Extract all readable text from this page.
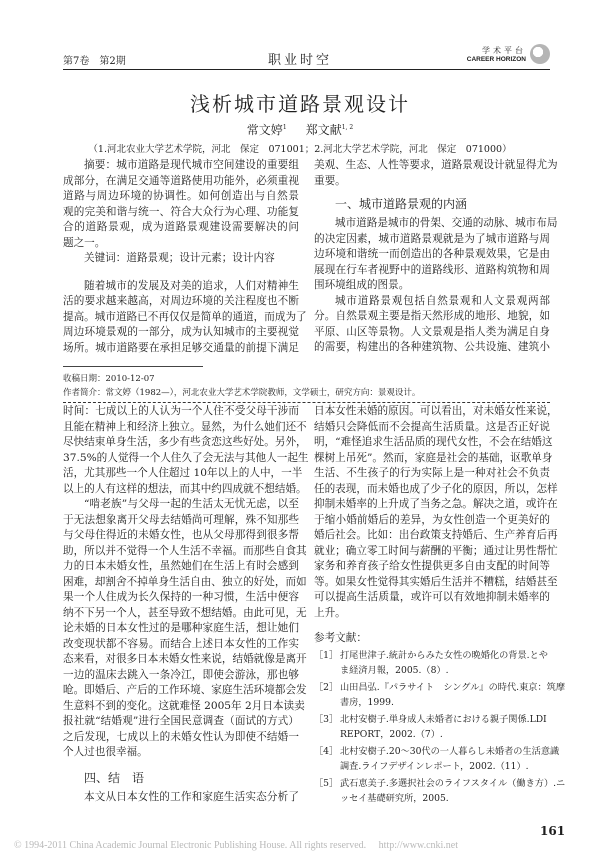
第7卷　第2期	职业时空
学术平台
CAREER HORIZON
浅析城市道路景观设计
常文婷$^1$ 郑文献$^{1, 2}$
（1.河北农业大学艺术学院，河北　保定　071001；2.河北大学艺术学院，河北　保定　071000）
摘要：城市道路是现代城市空间建设的重要组
成部分，在满足交通等道路使用功能外，必须重视
道路与周边环境的协调性。如何创造出与自然景
观的完美和谐与统一、符合大众行为心理、功能复
合的道路景观，成为道路景观建设需要解决的问
题之一。
关键词：道路景观；设计元素；设计内容
随着城市的发展及对美的追求，人们对精神生
活的要求越来越高，对周边环境的关注程度也不断
提高。城市道路已不再仅仅是简单的通道，而成为了
周边环境景观的一部分，成为认知城市的主要视觉
场所。城市道路要在承担足够交通量的前提下满足
美观、生态、人性等要求，道路景观设计就显得尤为
重要。
一、城市道路景观的内涵
城市道路是城市的骨架、交通的动脉、城市布局
的决定因素，城市道路景观就是为了城市道路与周
边环境和谐统一而创造出的各种景观效果，它是由
展现在行车者视野中的道路线形、道路构筑物和周
围环境组成的图景。
城市道路景观包括自然景观和人文景观两部
分。自然景观主要是指天然形成的地形、地貌，如
平原、山区等景物。人文景观是指人类为满足自身
的需要，构建出的各种建筑物、公共设施、建筑小
收稿日期：2010-12-07
作者简介：常文婷（1982—），河北农业大学艺术学院教师，文学硕士，研究方向：景观设计。
时间：七成以上的人认为一个人住不受父母干涉而
且能在精神上和经济上独立。显然，为什么她们还不
尽快结束单身生活，多少有些贪恋这些好处。另外，
37.5%的人觉得一个人住久了会无法与其他人一起生
活，尤其那些一个人住超过 10年以上的人中，一半
以上的人有这样的想法，而其中约四成就不想结婚。
“啃老族”与父母一起的生活太无忧无虑，以至
于无法想象离开父母去结婚尚可理解，殊不知那些
与父母住得近的未婚女性，也从父母那得到很多帮
助，所以并不觉得一个人生活不幸福。而那些自食其
力的日本未婚女性，虽然她们在生活上有时会感到
困难，却割舍不掉单身生活自由、独立的好处，而如
果一个人住成为长久保持的一种习惯，生活中便容
纳不下另一个人，甚至导致不想结婚。由此可见，无
论未婚的日本女性过的是哪种家庭生活，想让她们
改变现状都不容易。而结合上述日本女性的工作实
态来看，对很多日本未婚女性来说，结婚就像是离开
一边的温床去跳入一条冷江，即使会游泳，那也够
呛。即婚后、产后的工作环境、家庭生活环境都会发
生意料不到的变化。这就难怪 2005年 2月日本读卖
报社就“结婚观”进行全国民意调查（面试的方式）
之后发现，七成以上的未婚女性认为即使不结婚一
个人过也很幸福。
四、结　语
本文从日本女性的工作和家庭生活实态分析了
日本女性未婚的原因。可以看出，对未婚女性来说，
结婚只会降低而不会提高生活质量。这是否正好说
明，“难怪追求生活品质的现代女性，不会在结婚这
棵树上吊死”。然而，家庭是社会的基础，讴歌单身
生活、不生孩子的行为实际上是一种对社会不负责
任的表现，而未婚也成了少子化的原因，所以，怎样
抑制未婚率的上升成了当务之急。解决之道，或许在
于缩小婚前婚后的差异，为女性创造一个更美好的
婚后社会。比如：出台政策支持婚后、生产养育后再
就业；确立零工时间与薪酬的平衡；通过让男性帮忙
家务和养育孩子给女性提供更多自由支配的时间等
等。如果女性觉得其实婚后生活并不糟糕，结婚甚至
可以提高生活质量，或许可以有效地抑制未婚率的
上升。
参考文献：
［1］ 打尾世津子.統計からみた女性の晩婚化の背景.とや
ま経済月報，2005.（8）.
［2］ 山田昌弘.『パラサイト　シングル』の時代.東京：筑摩
書房，1999.
［3］ 北村安樹子.単身成人未婚者における親子関係.LDI
REPORT，2002.（7）.
［4］ 北村安樹子.20～30代の一人暮らし未婚者の生活意識
調査.ライフデザインレポート，2002.（11）.
［5］ 武石恵美子.多選択社会のライフスタイル（働き方）.ニ
ッセイ基礎研究所，2005.
161
© 1994-2011 China Academic Journal Electronic Publishing House. All rights reserved.　 http://www.cnki.net
